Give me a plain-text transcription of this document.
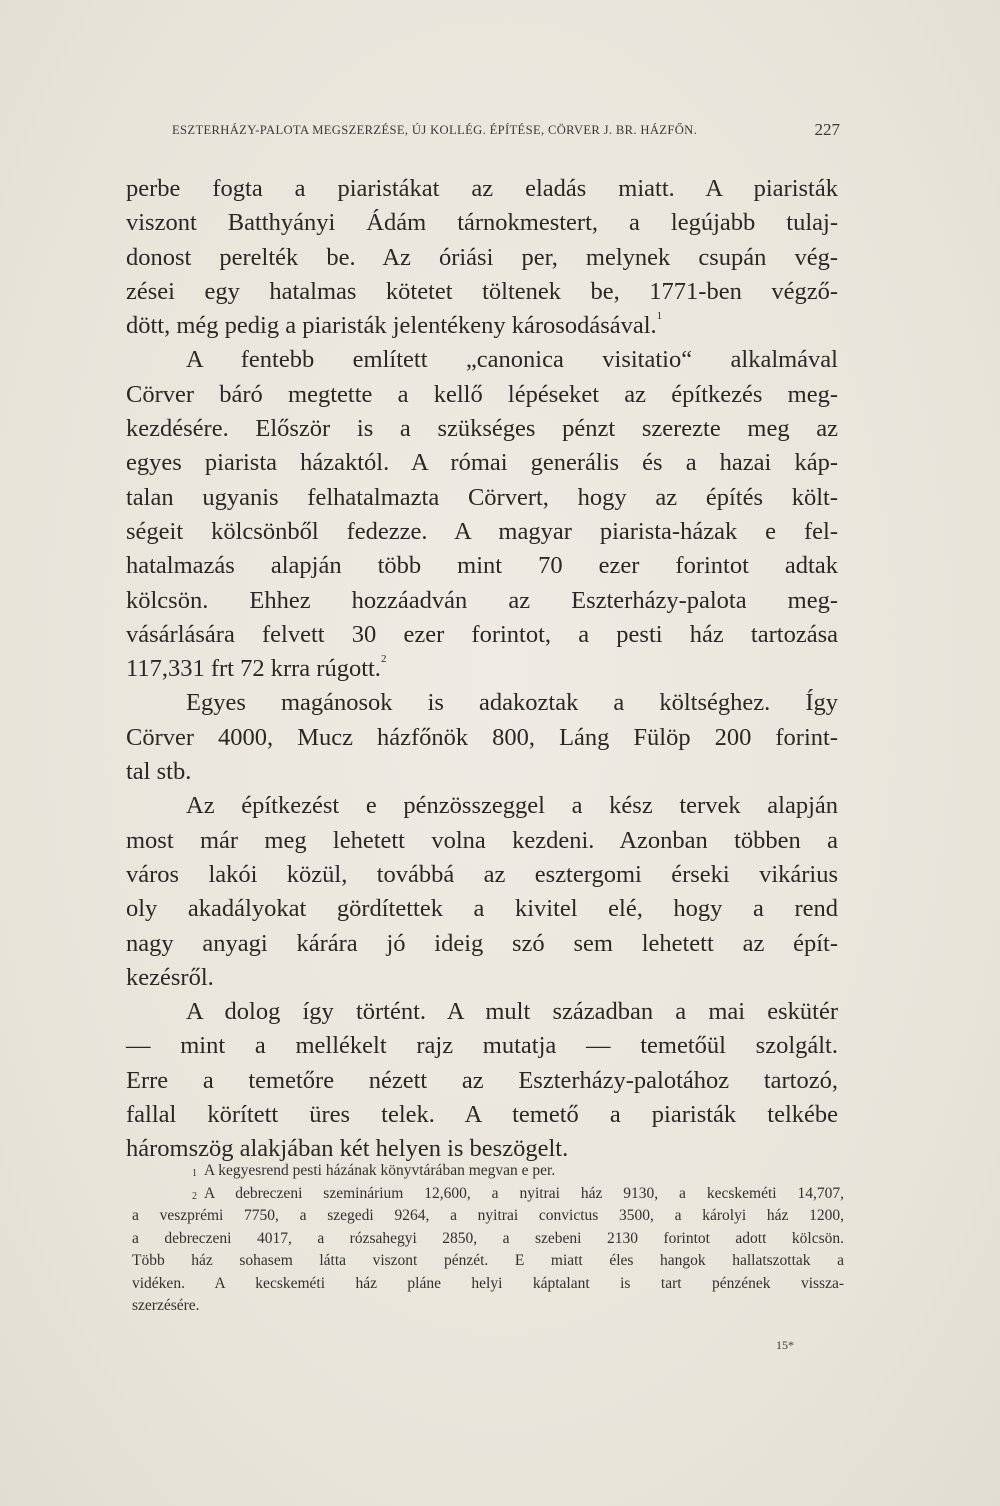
ESZTERHÁZY-PALOTA MEGSZERZÉSE, ÚJ KOLLÉG. ÉPÍTÉSE, CÖRVER J. BR. HÁZFŐN.	227
perbe fogta a piaristákat az eladás miatt. A piaristák
viszont Batthyányi Ádám tárnokmestert, a legújabb tulaj-
donost perelték be. Az óriási per, melynek csupán vég-
zései egy hatalmas kötetet töltenek be, 1771-ben végző-
dött, még pedig a piaristák jelentékeny károsodásával.$^1$
A fentebb említett „canonica visitatio“ alkalmával
Cörver báró megtette a kellő lépéseket az építkezés meg-
kezdésére. Először is a szükséges pénzt szerezte meg az
egyes piarista házaktól. A római generális és a hazai káp-
talan ugyanis felhatalmazta Cörvert, hogy az építés költ-
ségeit kölcsönből fedezze. A magyar piarista-házak e fel-
hatalmazás alapján több mint 70 ezer forintot adtak
kölcsön. Ehhez hozzáadván az Eszterházy-palota meg-
vásárlására felvett 30 ezer forintot, a pesti ház tartozása
117,331 frt 72 krra rúgott.$^2$
Egyes magánosok is adakoztak a költséghez. Így
Cörver 4000, Mucz házfőnök 800, Láng Fülöp 200 forint-
tal stb.
Az építkezést e pénzösszeggel a kész tervek alapján
most már meg lehetett volna kezdeni. Azonban többen a
város lakói közül, továbbá az esztergomi érseki vikárius
oly akadályokat gördítettek a kivitel elé, hogy a rend
nagy anyagi kárára jó ideig szó sem lehetett az épít-
kezésről.
A dolog így történt. A mult században a mai eskütér
— mint a mellékelt rajz mutatja — temetőül szolgált.
Erre a temetőre nézett az Eszterházy-palotához tartozó,
fallal körített üres telek. A temető a piaristák telkébe
háromszög alakjában két helyen is beszögelt.
$^1$ A kegyesrend pesti házának könyvtárában megvan e per.
$^2$ A debreczeni szeminárium 12,600, a nyitrai ház 9130, a kecskeméti 14,707,
a veszprémi 7750, a szegedi 9264, a nyitrai convictus 3500, a károlyi ház 1200,
a debreczeni 4017, a rózsahegyi 2850, a szebeni 2130 forintot adott kölcsön.
Több ház sohasem látta viszont pénzét. E miatt éles hangok hallatszottak a
vidéken. A kecskeméti ház pláne helyi káptalant is tart pénzének vissza-
szerzésére.
15*
